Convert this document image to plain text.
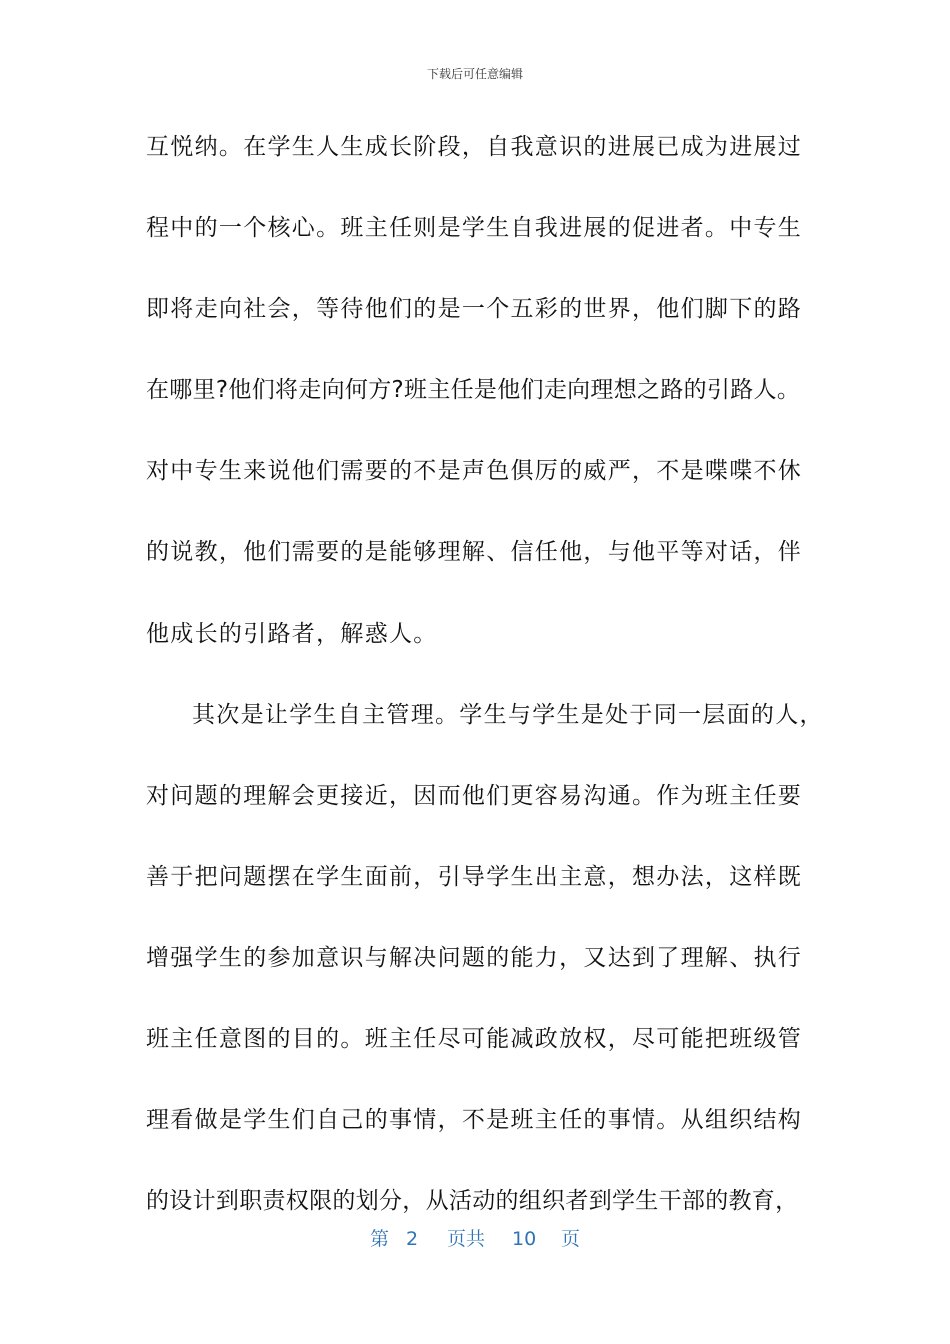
下载后可任意编辑
互悦纳。在学生人生成长阶段，自我意识的进展已成为进展过
程中的一个核心。班主任则是学生自我进展的促进者。中专生
即将走向社会，等待他们的是一个五彩的世界，他们脚下的路
在哪里?他们将走向何方?班主任是他们走向理想之路的引路人。
对中专生来说他们需要的不是声色俱厉的威严，不是喋喋不休
的说教，他们需要的是能够理解、信任他，与他平等对话，伴
他成长的引路者，解惑人。
其次是让学生自主管理。学生与学生是处于同一层面的人，
对问题的理解会更接近，因而他们更容易沟通。作为班主任要
善于把问题摆在学生面前，引导学生出主意，想办法，这样既
增强学生的参加意识与解决问题的能力，又达到了理解、执行
班主任意图的目的。班主任尽可能减政放权，尽可能把班级管
理看做是学生们自己的事情，不是班主任的事情。从组织结构
的设计到职责权限的划分，从活动的组织者到学生干部的教育，
第 2 页共 10 页
